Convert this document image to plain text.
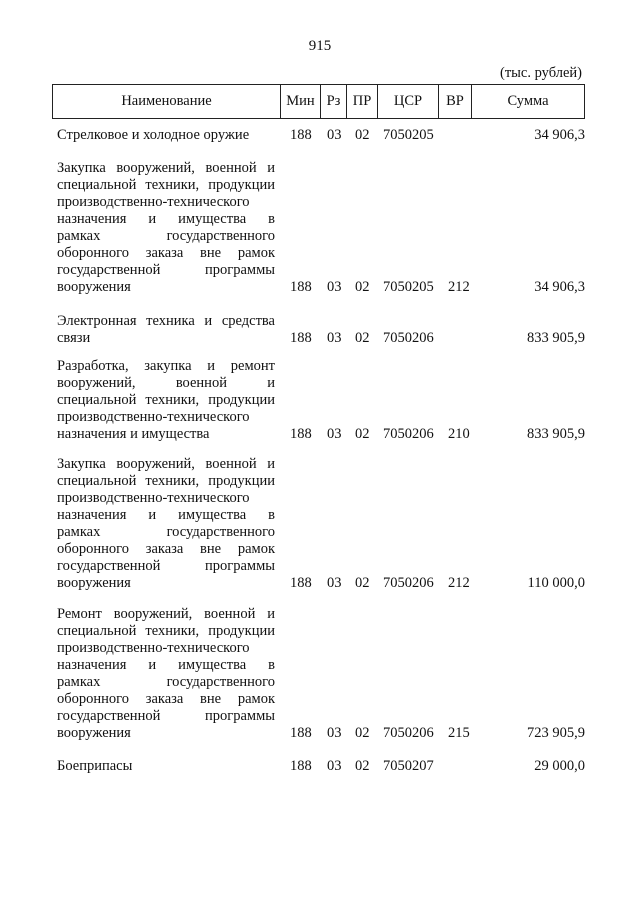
915
(тыс. рублей)
Наименование	Мин Рз ПР	ЦСР	ВР	Сумма
Стрелковое и холодное оружие	188 03 02 7050205	34 906,3
Закупка вооружений, военной и
специальной техники, продукции
производственно-технического
назначения и имущества в
рамках государственного
оборонного заказа вне рамок
государственной программы
вооружения	188 03 02 7050205 212	34 906,3
Электронная техника и средства
связи	188 03 02 7050206	833 905,9
Разработка, закупка и ремонт
вооружений, военной и
специальной техники, продукции
производственно-технического
назначения и имущества	188 03 02 7050206 210	833 905,9
Закупка вооружений, военной и
специальной техники, продукции
производственно-технического
назначения и имущества в
рамках государственного
оборонного заказа вне рамок
государственной программы
вооружения	188 03 02 7050206 212	110 000,0
Ремонт вооружений, военной и
специальной техники, продукции
производственно-технического
назначения и имущества в
рамках государственного
оборонного заказа вне рамок
государственной программы
вооружения	188 03 02 7050206 215	723 905,9
Боеприпасы	188 03 02 7050207	29 000,0
